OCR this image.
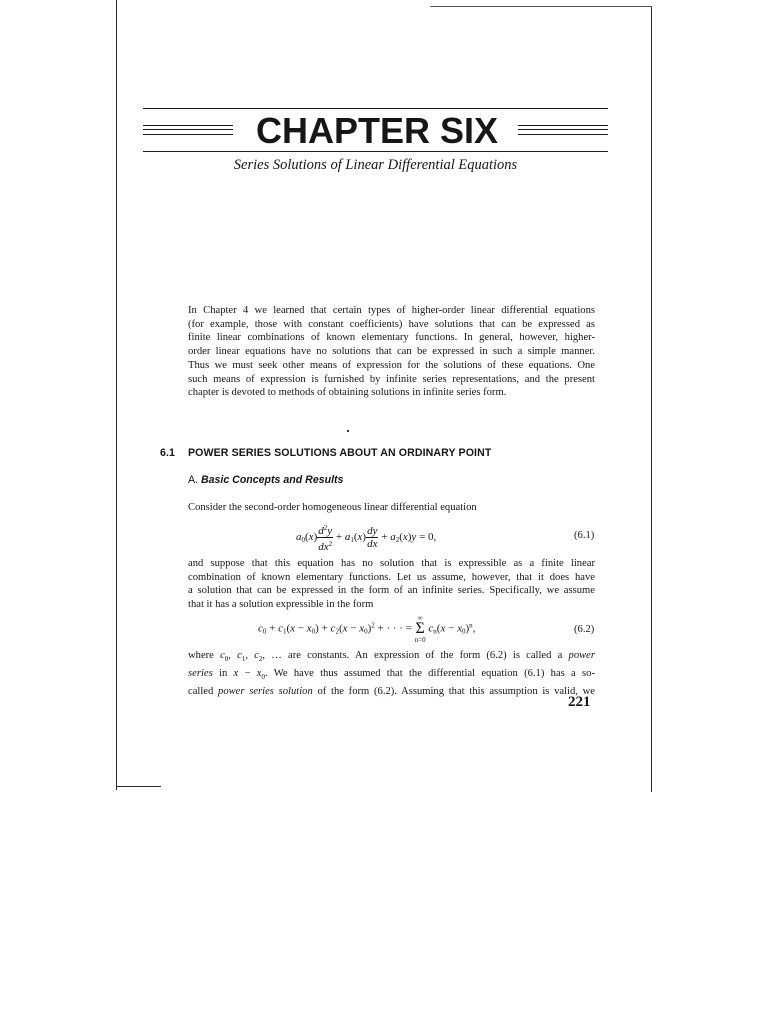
CHAPTER SIX
Series Solutions of Linear Differential Equations
In Chapter 4 we learned that certain types of higher-order linear differential equations
(for example, those with constant coefficients) have solutions that can be expressed as
finite linear combinations of known elementary functions. In general, however, higher-
order linear equations have no solutions that can be expressed in such a simple manner.
Thus we must seek other means of expression for the solutions of these equations. One
such means of expression is furnished by infinite series representations, and the present
chapter is devoted to methods of obtaining solutions in infinite series form.
6.1 POWER SERIES SOLUTIONS ABOUT AN ORDINARY POINT
A. Basic Concepts and Results
Consider the second-order homogeneous linear differential equation
$a0(x) \frac{d^2y}{dx^2} + a1(x) \frac{dy}{dx} + a2(x)y = 0$,	(6.1)
and suppose that this equation has no solution that is expressible as a finite linear
combination of known elementary functions. Let us assume, however, that it does have
a solution that can be expressed in the form of an infinite series. Specifically, we assume
that it has a solution expressible in the form
$c0 + c1(x - x0) + c2(x - x0)^2$ + · · · =
∞
Σ
n=0
$cn(x - x0)^n$,	(6.2)
where $c_0$, $c_1$, $c_2$, … are constants. An expression of the form (6.2) is called a power
series in $x - x_0$. We have thus assumed that the differential equation (6.1) has a so-
called power series solution of the form (6.2). Assuming that this assumption is valid, we
221
